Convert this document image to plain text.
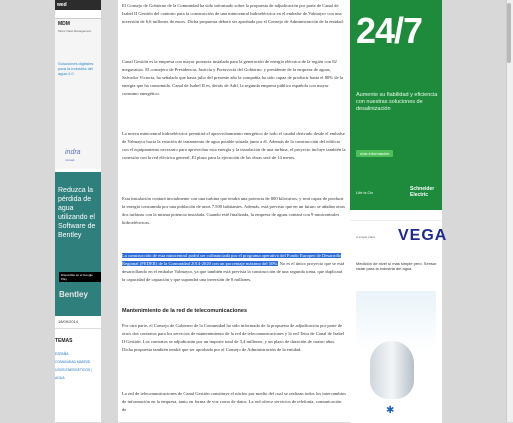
wed
MDM
Motor Data Management
Soluciones digitales para la industria del agua 4.0
indra
minsait
Reduzca la pérdida de agua utilizando el Software de Bentley
Disponible en el Google Play
Bentley
18/09/2014
TEMAS
ESPAÑA
COMUNIDAD MADRID
USOS ENERGÉTICOS | AGUA
El Consejo de Gobierno de la Comunidad ha sido informado sobre la propuesta de adjudicación por parte de Canal de Isabel II Gestión del contrato para la construcción de una minicentral hidroeléctrica en el embalse de Valmayor con una inversión de 6,6 millones de euros. Dicha propuesta deberá ser aprobada por el Consejo de Administración de la entidad.
Canal Gestión es la empresa con mayor potencia instalada para la generación de energía eléctrica de la región con 82 megavatios. El consejero de Presidencia, Justicia y Portavocía del Gobierno, y presidente de la empresa de aguas, Salvador Victoria, ha señalado que hasta julio del presente año la compañía ha sido capaz de producir hasta el 80% de la energía que ha consumido. Canal de Isabel II es, detrás de Adif, la segunda empresa pública española con mayor consumo energético.
La nueva minicentral hidroeléctrica permitirá el aprovechamiento energético de todo el caudal derivado desde el embalse de Valmayor hacia la estación de tratamiento de agua potable situada junto a él. Además de la construcción del edificio con el equipamiento necesario para aprovechar esta energía y la instalación de una turbina, el proyecto incluye también la conexión con la red eléctrica general. El plazo para la ejecución de las obras será de 14 meses.
Esta instalación contará inicialmente con una turbina que tendrá una potencia de 800 kilovatios, y será capaz de producir la energía consumida por una población de unos 7.500 habitantes. Además, está previsto que en un futuro se añadan otras dos turbinas con la misma potencia instalada. Cuando esté finalizada, la empresa de aguas contará con 9 minicentrales hidroeléctricas.
La construcción de esta minicentral podrá ser cofinanciada por el programa operativo del Fondo Europeo de Desarrollo Regional (FEDER) de la Comunidad 2014-2020 con un porcentaje máximo del 50%. No es el único proyecto que se está desarrollando en el embalse Valmayor, ya que también está prevista la construcción de una segunda toma, que duplicará la capacidad de captación y que supondrá una inversión de 8 millones.
Mantenimiento de la red de telecomunicaciones
Por otra parte, el Consejo de Gobierno de la Comunidad ha sido informado de la propuesta de adjudicación por parte de otros dos contratos para los servicios de mantenimiento de la red de telecomunicaciones y la red Tetra de Canal de Isabel II Gestión. Los contratos se adjudicarán por un importe total de 3,4 millones, y un plazo de duración de cuatro años. Dicha propuesta también tendrá que ser aprobada por el Consejo de Administración de la entidad.
La red de telecomunicaciones de Canal Gestión constituye el núcleo por medio del cual se realizan todos los intercambios de información en la empresa, tanto en forma de voz como de datos. La red ofrece servicios de telefonía, comunicación de
24/7
Aumente su fiabilidad y eficiencia con nuestras soluciones de desalinización
más información
Life is On
Schneider Electric
A simple place VEGA
Medición de nivel sí más simple pero. Sensor radar para la industria del agua
✱
